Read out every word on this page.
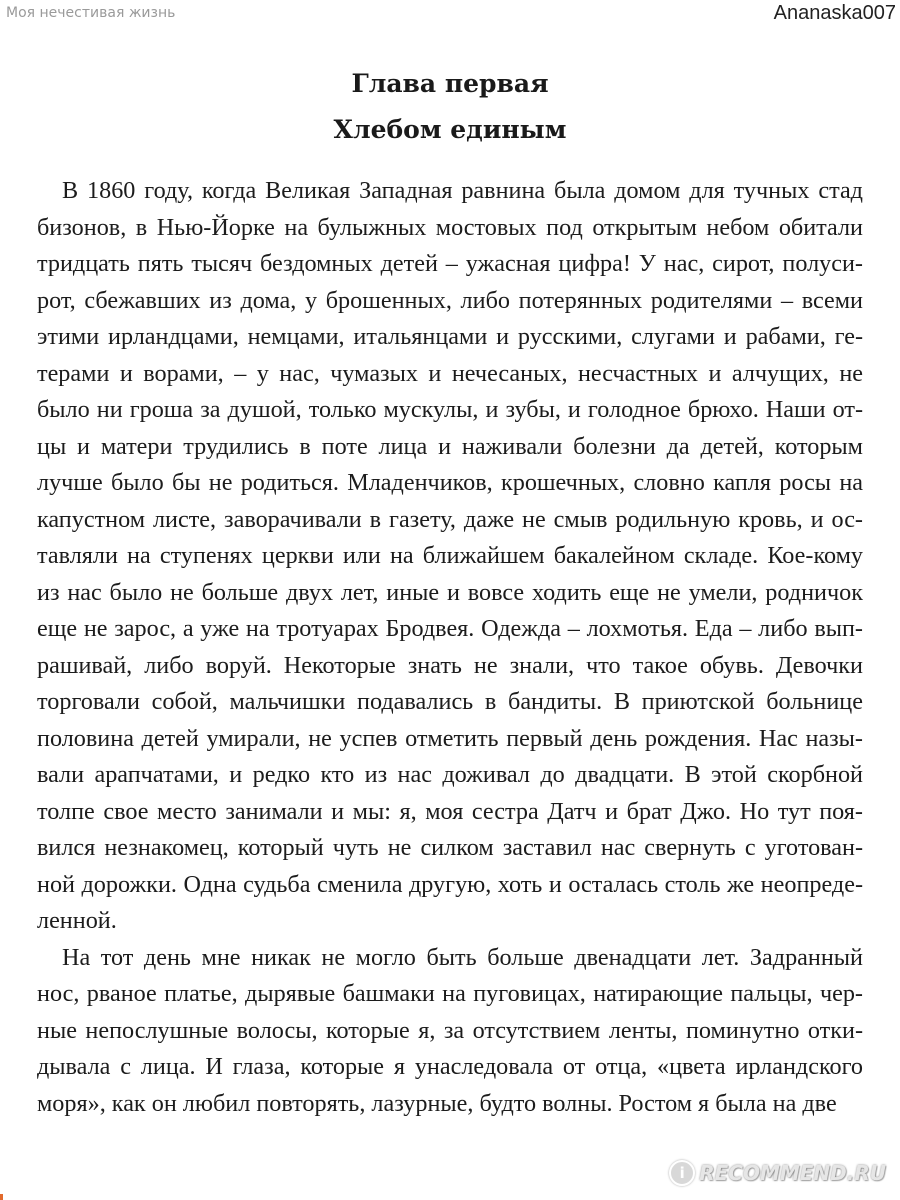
Моя нечестивая жизнь	Ananaska007
Глава первая
Хлебом единым

В 1860 году, когда Великая Западная равнина была домом для тучных стад
бизонов, в Нью-Йорке на булыжных мостовых под открытым небом обитали
тридцать пять тысяч бездомных детей – ужасная цифра! У нас, сирот, полуси-
рот, сбежавших из дома, у брошенных, либо потерянных родителями – всеми
этими ирландцами, немцами, итальянцами и русскими, слугами и рабами, ге-
терами и ворами, – у нас, чумазых и нечесаных, несчастных и алчущих, не
было ни гроша за душой, только мускулы, и зубы, и голодное брюхо. Наши от-
цы и матери трудились в поте лица и наживали болезни да детей, которым
лучше было бы не родиться. Младенчиков, крошечных, словно капля росы на
капустном листе, заворачивали в газету, даже не смыв родильную кровь, и ос-
тавляли на ступенях церкви или на ближайшем бакалейном складе. Кое-кому
из нас было не больше двух лет, иные и вовсе ходить еще не умели, родничок
еще не зарос, а уже на тротуарах Бродвея. Одежда – лохмотья. Еда – либо вып-
рашивай, либо воруй. Некоторые знать не знали, что такое обувь. Девочки
торговали собой, мальчишки подавались в бандиты. В приютской больнице
половина детей умирали, не успев отметить первый день рождения. Нас назы-
вали арапчатами, и редко кто из нас доживал до двадцати. В этой скорбной
толпе свое место занимали и мы: я, моя сестра Датч и брат Джо. Но тут поя-
вился незнакомец, который чуть не силком заставил нас свернуть с уготован-
ной дорожки. Одна судьба сменила другую, хоть и осталась столь же неопреде-
ленной.

На тот день мне никак не могло быть больше двенадцати лет. Задранный
нос, рваное платье, дырявые башмаки на пуговицах, натирающие пальцы, чер-
ные непослушные волосы, которые я, за отсутствием ленты, поминутно отки-
дывала с лица. И глаза, которые я унаследовала от отца, «цвета ирландского
моря», как он любил повторять, лазурные, будто волны. Ростом я была на две

i RECOMMEND.RU
